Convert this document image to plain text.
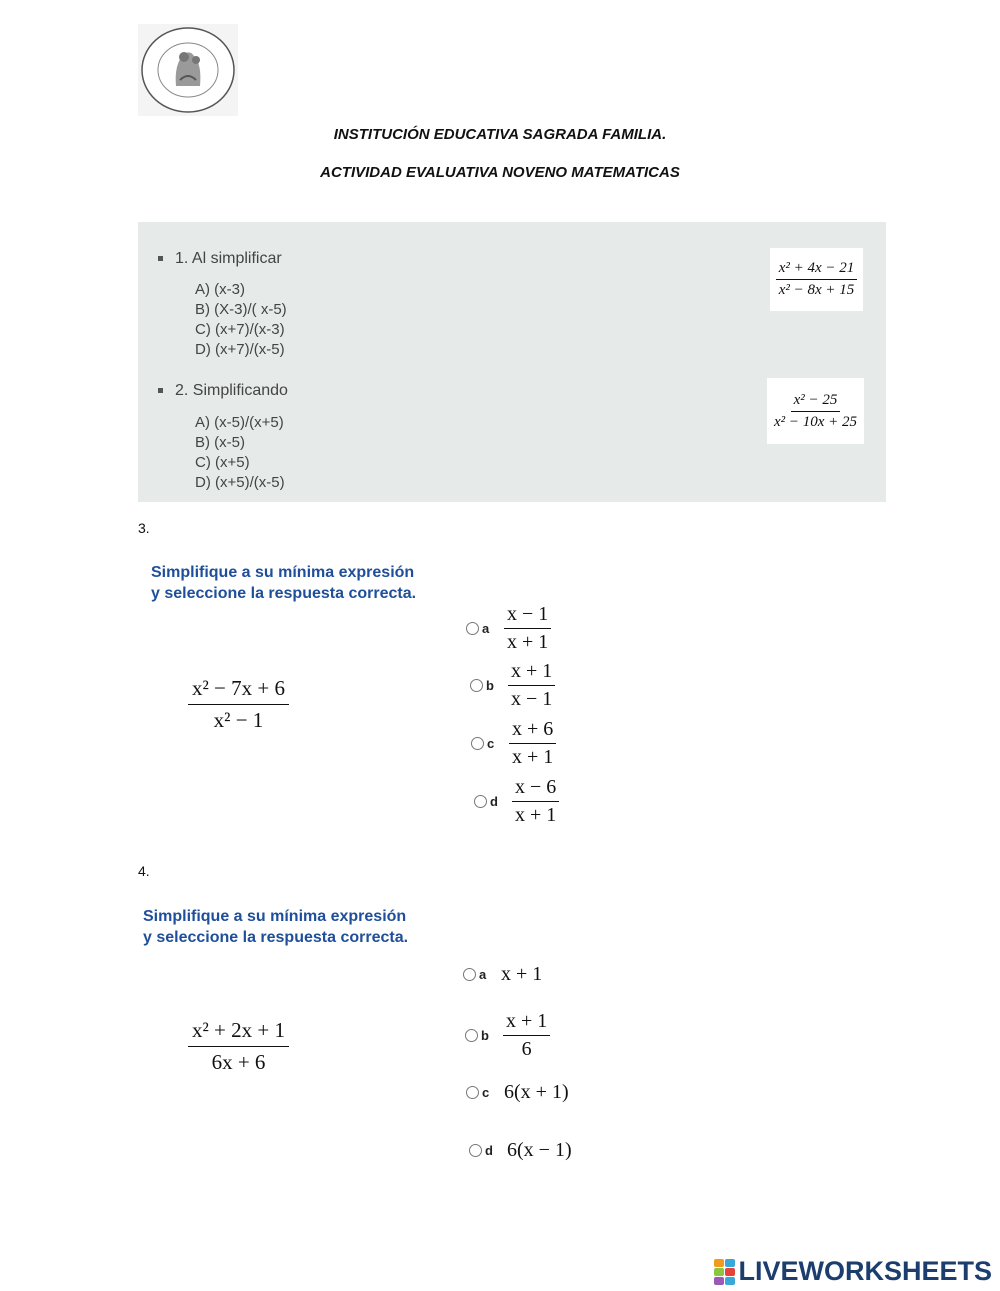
INSTITUCIÓN EDUCATIVA SAGRADA FAMILIA.
ACTIVIDAD EVALUATIVA NOVENO MATEMATICAS
1. Al simplificar
A) (x-3)
B) (X-3)/( x-5)
C) (x+7)/(x-3)
D) (x+7)/(x-5)
$\frac{\text{x² + 4x − 21}}{\text{x² − 8x + 15}}$
2. Simplificando
A) (x-5)/(x+5)
B) (x-5)
C) (x+5)
D) (x+5)/(x-5)
$\frac{\text{x² − 25}}{\text{x² − 10x + 25}}$
3.
Simplifique a su mínima expresión
y seleccione la respuesta correcta.
$\frac{\text{x² − 7x + 6}}{\text{x² − 1}}$
a $\frac{x - 1}{x + 1}$
b $\frac{x + 1}{x - 1}$
c $\frac{x + 6}{x + 1}$
d $\frac{x - 6}{x + 1}$
4.
Simplifique a su mínima expresión
y seleccione la respuesta correcta.
$\frac{\text{x² + 2x + 1}}{6x + 6}$
a x + 1
b $\frac{x + 1}{6}$
c 6(x + 1)
d 6(x − 1)
LIVEWORKSHEETS
